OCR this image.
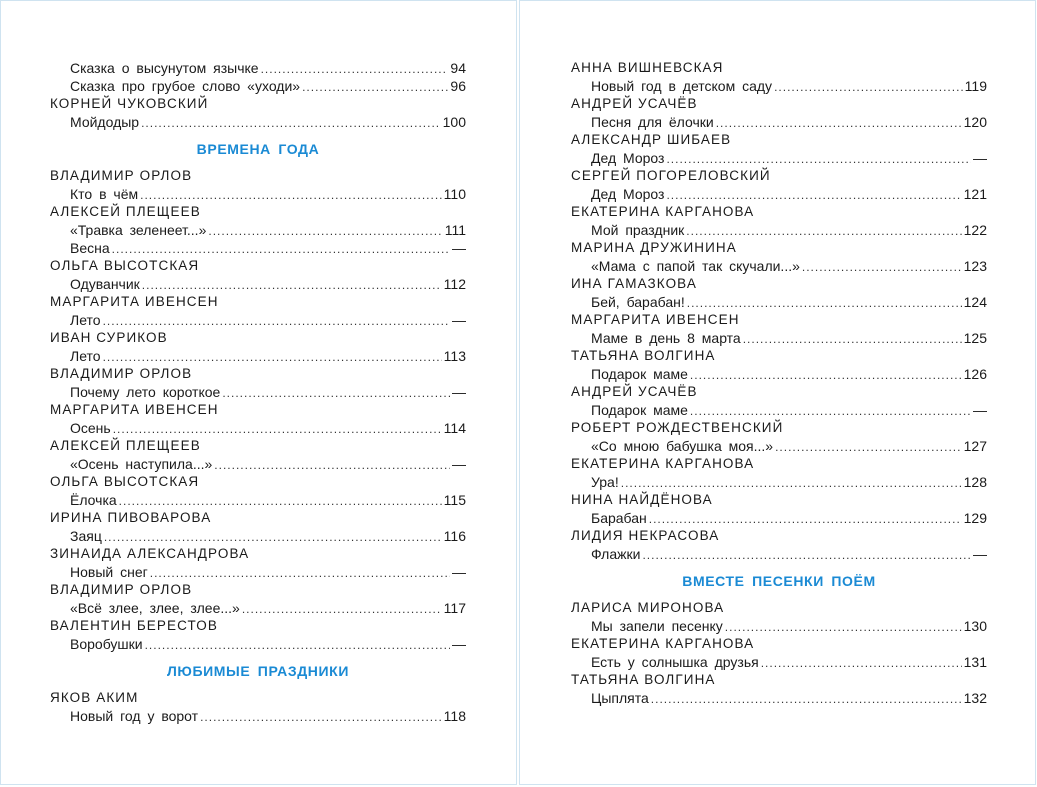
Сказка о высунутом язычке .....	94
Сказка про грубое слово «уходи» .....	96
КОРНЕЙ ЧУКОВСКИЙ
Мойдодыр .....	100
ВРЕМЕНА ГОДА
ВЛАДИМИР ОРЛОВ
Кто в чём .....	110
АЛЕКСЕЙ ПЛЕЩЕЕВ
«Травка зеленеет...» .....	111
Весна .....	—
ОЛЬГА ВЫСОТСКАЯ
Одуванчик .....	112
МАРГАРИТА ИВЕНСЕН
Лето .....	—
ИВАН СУРИКОВ
Лето .....	113
ВЛАДИМИР ОРЛОВ
Почему лето короткое .....	—
МАРГАРИТА ИВЕНСЕН
Осень .....	114
АЛЕКСЕЙ ПЛЕЩЕЕВ
«Осень наступила...» .....	—
ОЛЬГА ВЫСОТСКАЯ
Ёлочка .....	115
ИРИНА ПИВОВАРОВА
Заяц .....	116
ЗИНАИДА АЛЕКСАНДРОВА
Новый снег .....	—
ВЛАДИМИР ОРЛОВ
«Всё злее, злее, злее...» .....	117
ВАЛЕНТИН БЕРЕСТОВ
Воробушки .....	—
ЛЮБИМЫЕ ПРАЗДНИКИ
ЯКОВ АКИМ
Новый год у ворот .....	118
АННА ВИШНЕВСКАЯ
Новый год в детском саду .....	119
АНДРЕЙ УСАЧЁВ
Песня для ёлочки .....	120
АЛЕКСАНДР ШИБАЕВ
Дед Мороз .....	—
СЕРГЕЙ ПОГОРЕЛОВСКИЙ
Дед Мороз .....	121
ЕКАТЕРИНА КАРГАНОВА
Мой праздник .....	122
МАРИНА ДРУЖИНИНА
«Мама с папой так скучали...» .....	123
ИНА ГАМАЗКОВА
Бей, барабан! .....	124
МАРГАРИТА ИВЕНСЕН
Маме в день 8 марта .....	125
ТАТЬЯНА ВОЛГИНА
Подарок маме .....	126
АНДРЕЙ УСАЧЁВ
Подарок маме .....	—
РОБЕРТ РОЖДЕСТВЕНСКИЙ
«Со мною бабушка моя...» .....	127
ЕКАТЕРИНА КАРГАНОВА
Ура! .....	128
НИНА НАЙДЁНОВА
Барабан .....	129
ЛИДИЯ НЕКРАСОВА
Флажки .....	—
ВМЕСТЕ ПЕСЕНКИ ПОЁМ
ЛАРИСА МИРОНОВА
Мы запели песенку .....	130
ЕКАТЕРИНА КАРГАНОВА
Есть у солнышка друзья .....	131
ТАТЬЯНА ВОЛГИНА
Цыплята .....	132
